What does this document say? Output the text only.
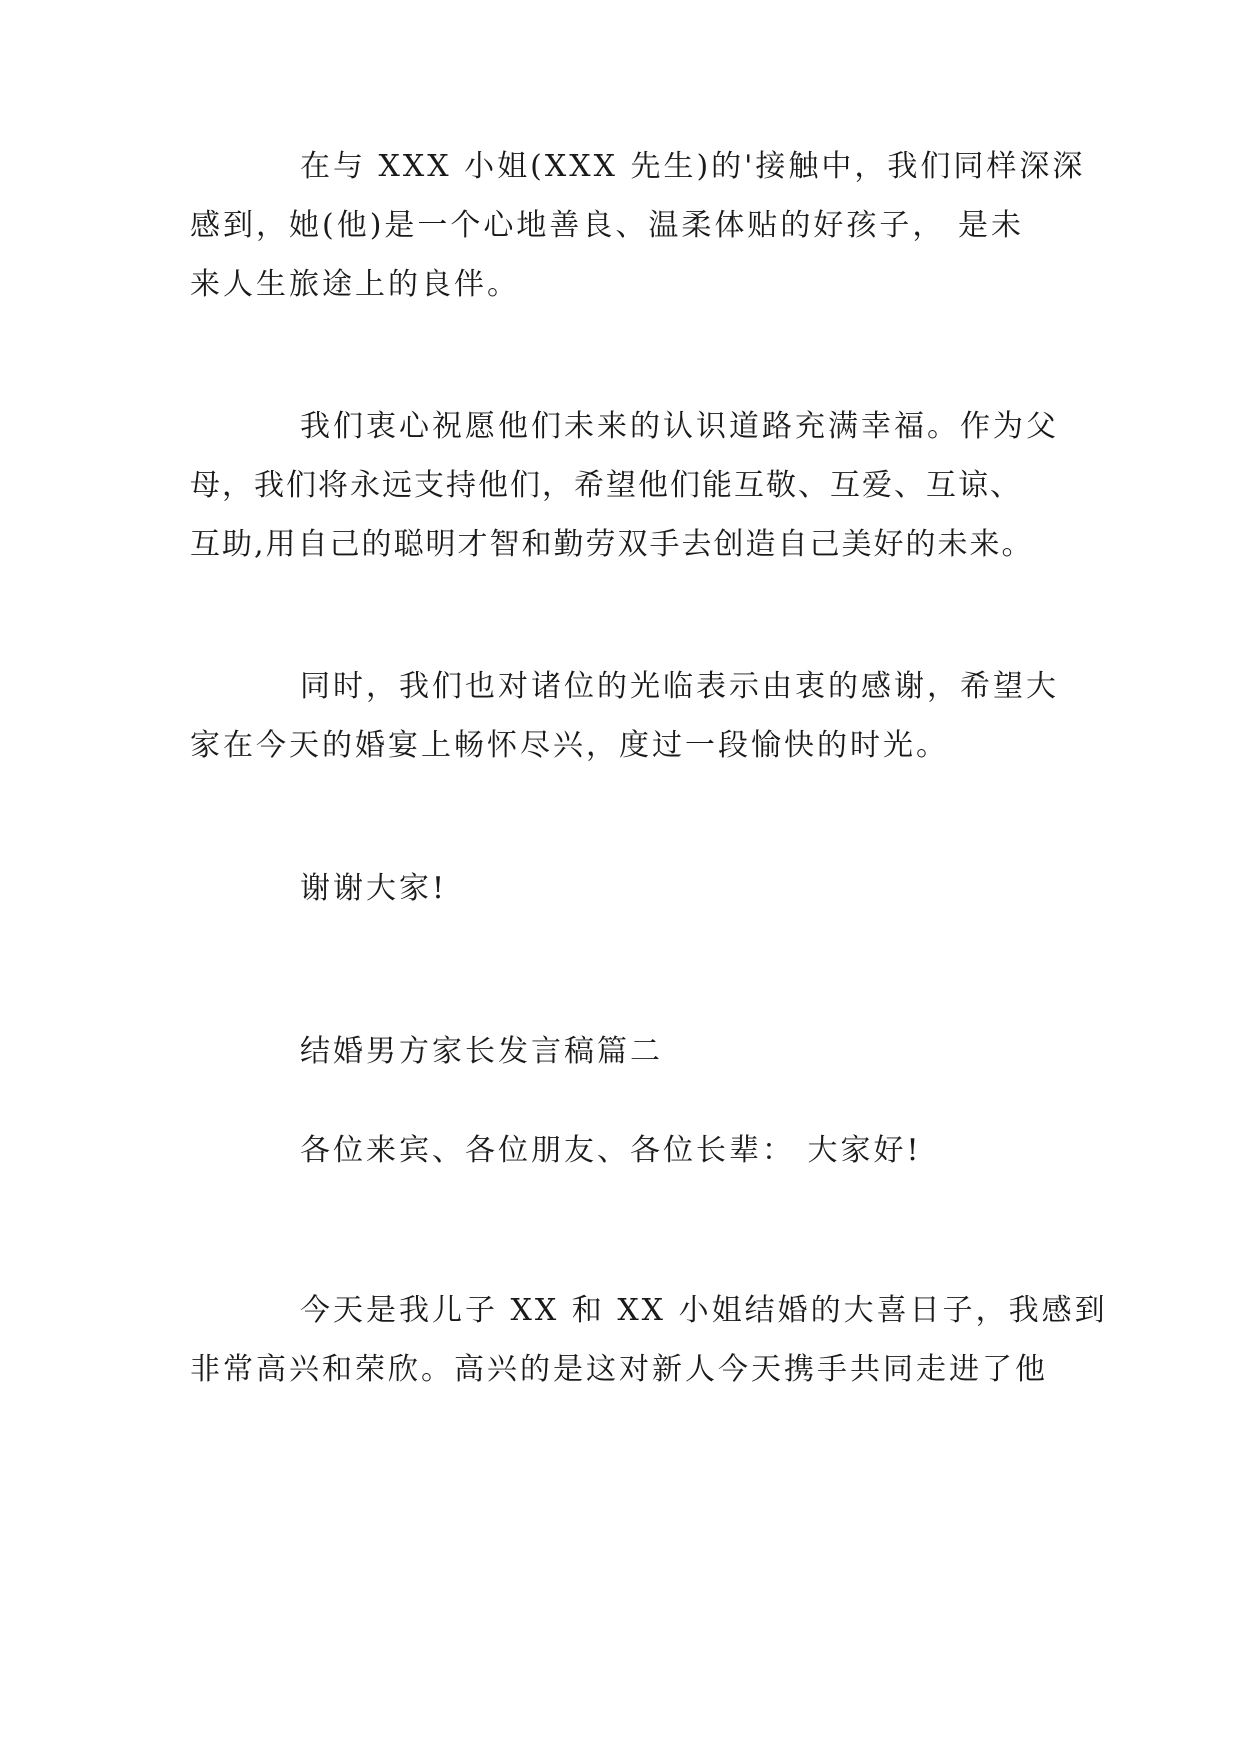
在与 XXX 小姐(XXX 先生)的'接触中，我们同样深深
感到，她(他)是一个心地善良、温柔体贴的好孩子， 是未
来人生旅途上的良伴。
我们衷心祝愿他们未来的认识道路充满幸福。作为父
母，我们将永远支持他们，希望他们能互敬、互爱、互谅、
互助,用自己的聪明才智和勤劳双手去创造自己美好的未来。
同时，我们也对诸位的光临表示由衷的感谢，希望大
家在今天的婚宴上畅怀尽兴，度过一段愉快的时光。

谢谢大家!

结婚男方家长发言稿篇二

各位来宾、各位朋友、各位长辈： 大家好!

今天是我儿子 XX 和 XX 小姐结婚的大喜日子，我感到
非常高兴和荣欣。高兴的是这对新人今天携手共同走进了他
